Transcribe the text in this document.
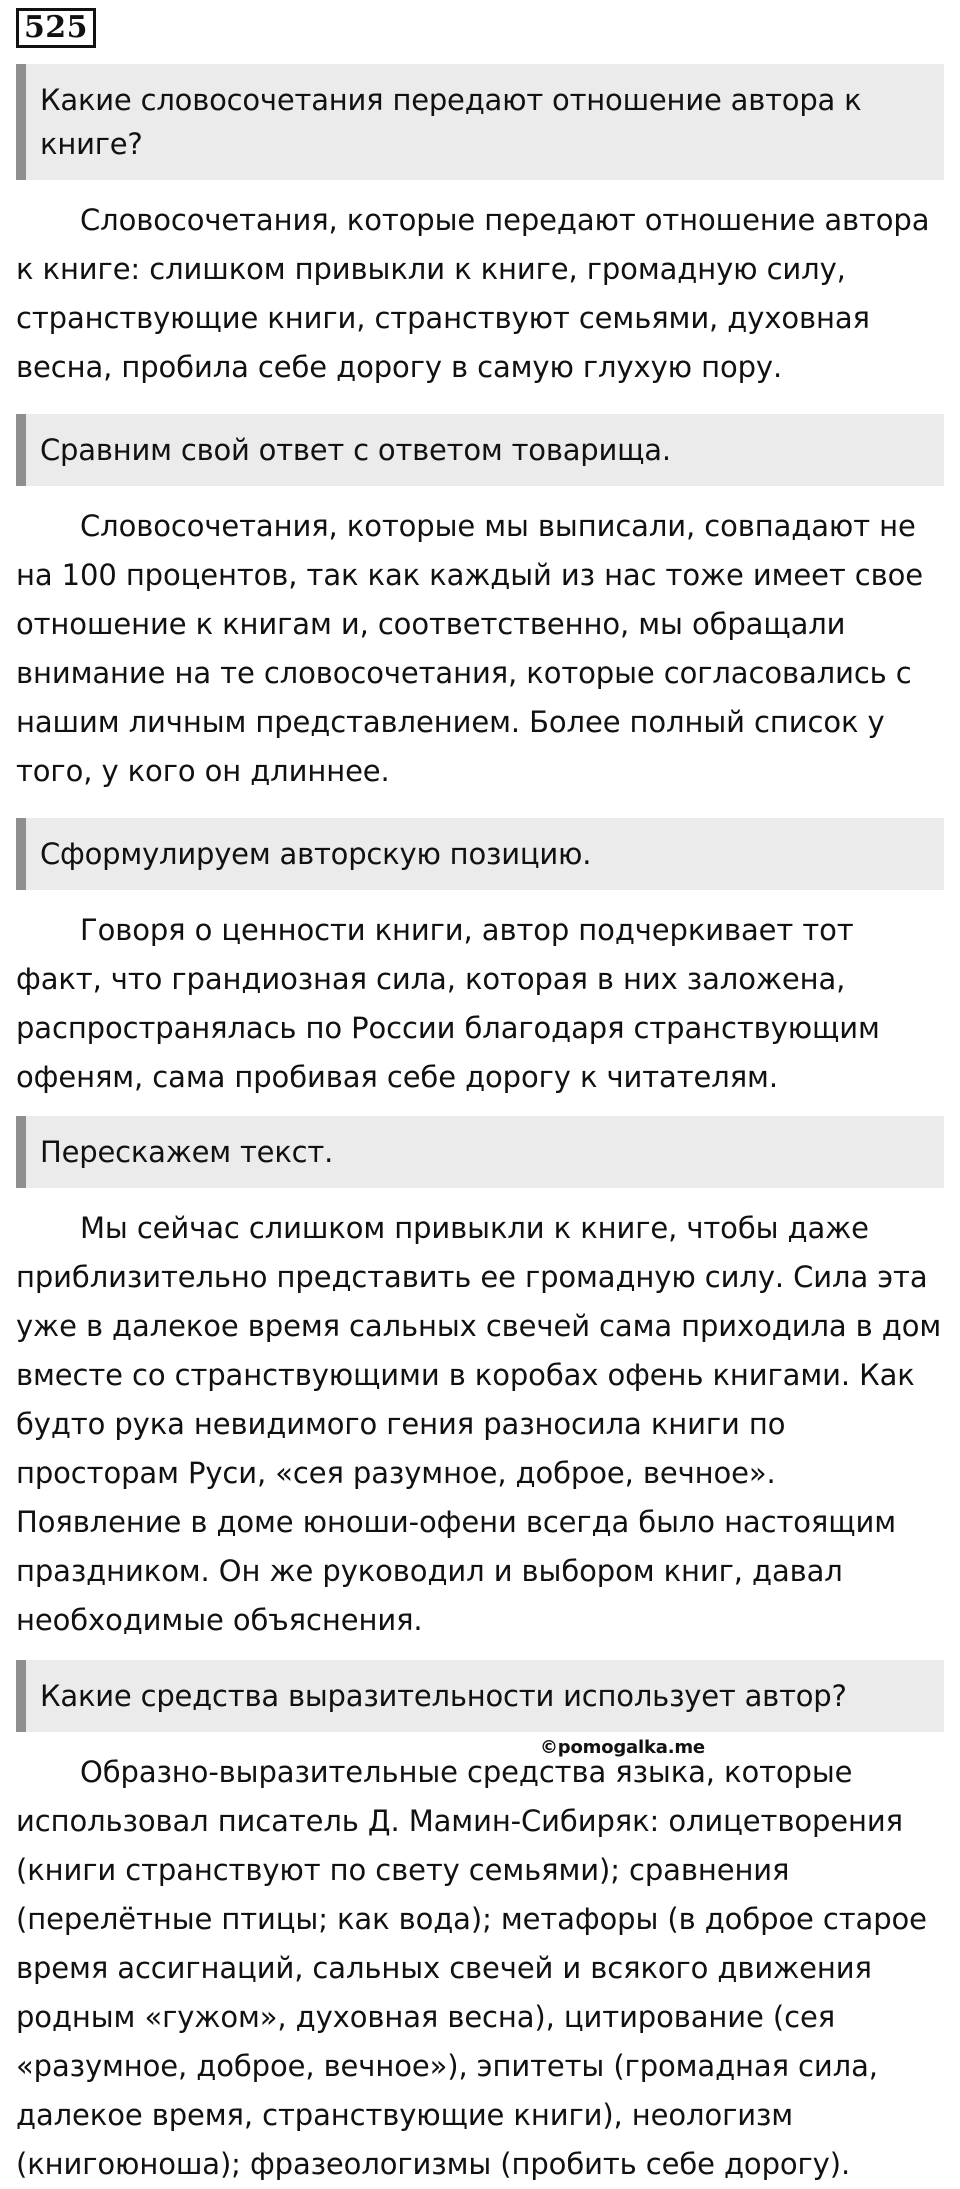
525
Какие словосочетания передают отношение автора к книге?
Словосочетания, которые передают отношение автора к книге: слишком привыкли к книге, громадную силу, странствующие книги, странствуют семьями, духовная весна, пробила себе дорогу в самую глухую пору.
Сравним свой ответ с ответом товарища.
Словосочетания, которые мы выписали, совпадают не на 100 процентов, так как каждый из нас тоже имеет свое отношение к книгам и, соответственно, мы обращали внимание на те словосочетания, которые согласовались с нашим личным представлением. Более полный список у того, у кого он длиннее.
Сформулируем авторскую позицию.
Говоря о ценности книги, автор подчеркивает тот факт, что грандиозная сила, которая в них заложена, распространялась по России благодаря странствующим офеням, сама пробивая себе дорогу к читателям.
Перескажем текст.
Мы сейчас слишком привыкли к книге, чтобы даже приблизительно представить ее громадную силу. Сила эта уже в далекое время сальных свечей сама приходила в дом вместе со странствующими в коробах офень книгами. Как будто рука невидимого гения разносила книги по просторам Руси, «сея разумное, доброе, вечное». Появление в доме юноши-офени всегда было настоящим праздником. Он же руководил и выбором книг, давал необходимые объяснения.
Какие средства выразительности использует автор?
Образно-выразительные средства языка, которые использовал писатель Д. Мамин-Сибиряк: олицетворения (книги странствуют по свету семьями); сравнения (перелётные птицы; как вода); метафоры (в доброе старое время ассигнаций, сальных свечей и всякого движения родным «гужом», духовная весна), цитирование (сея «разумное, доброе, вечное»), эпитеты (громадная сила, далекое время, странствующие книги), неологизм (книгоюноша); фразеологизмы (пробить себе дорогу).
©pomogalka.me
